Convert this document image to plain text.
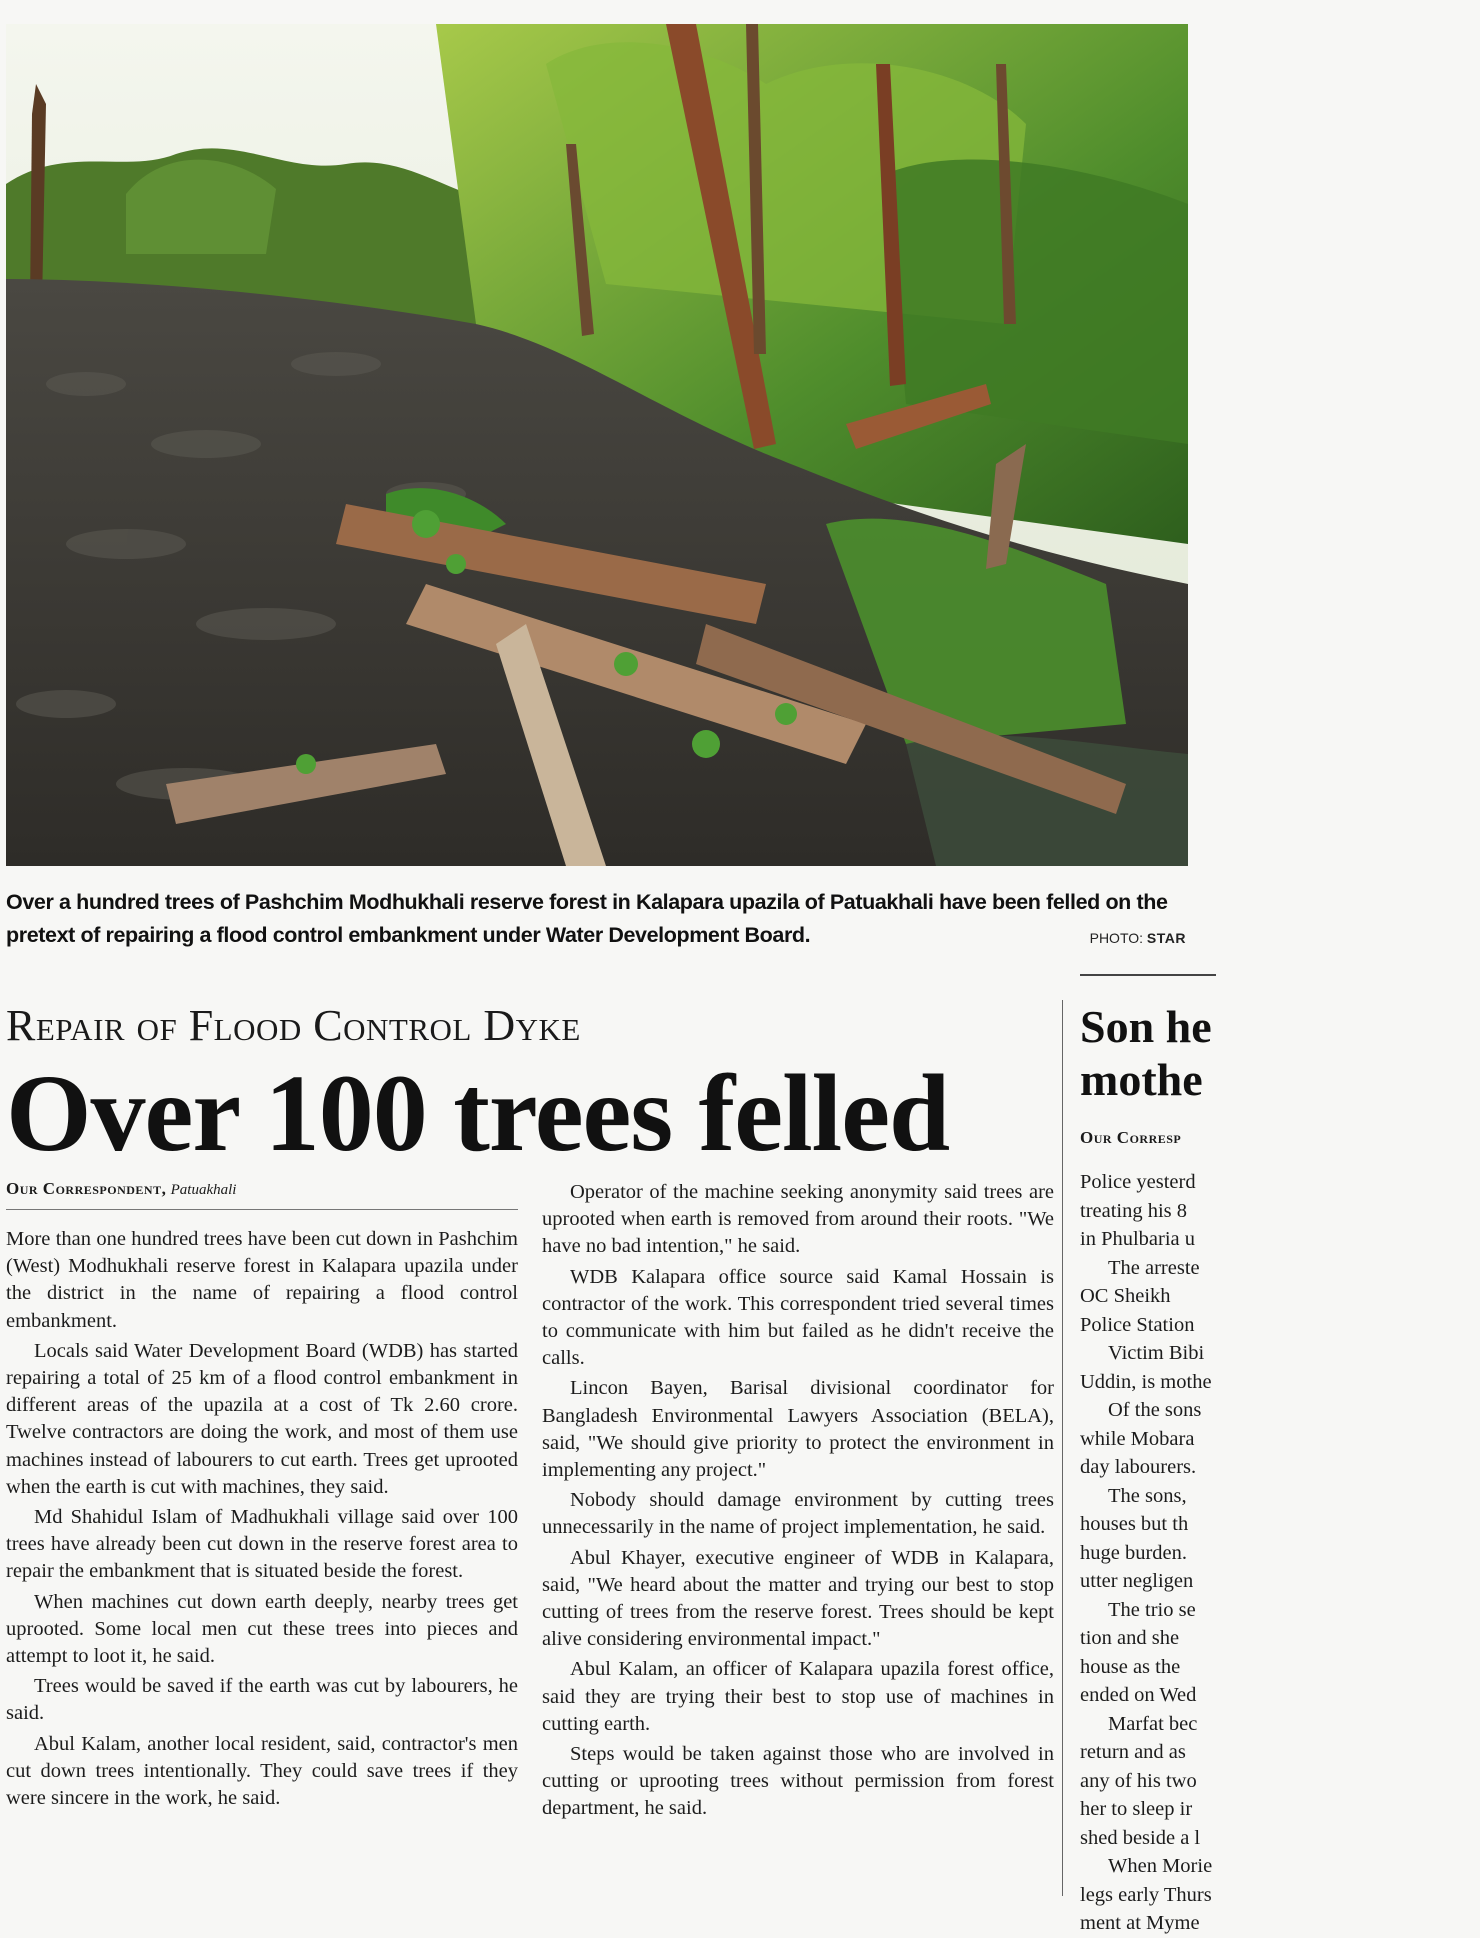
Over a hundred trees of Pashchim Modhukhali reserve forest in Kalapara upazila of Patuakhali have been felled on the pretext of repairing a flood control embankment under Water Development Board.	PHOTO: STAR
Repair of Flood Control Dyke
Over 100 trees felled
Our Correspondent, Patuakhali

More than one hundred trees have been cut down in Pashchim (West) Modhukhali reserve forest in Kalapara upazila under the district in the name of repairing a flood control embankment.

Locals said Water Development Board (WDB) has started repairing a total of 25 km of a flood control embankment in different areas of the upazila at a cost of Tk 2.60 crore. Twelve contractors are doing the work, and most of them use machines instead of labourers to cut earth. Trees get uprooted when the earth is cut with machines, they said.

Md Shahidul Islam of Madhukhali village said over 100 trees have already been cut down in the reserve forest area to repair the embankment that is situated beside the forest.

When machines cut down earth deeply, nearby trees get uprooted. Some local men cut these trees into pieces and attempt to loot it, he said.

Trees would be saved if the earth was cut by labourers, he said.

Abul Kalam, another local resident, said, contractor's men cut down trees intentionally. They could save trees if they were sincere in the work, he said.

Operator of the machine seeking anonymity said trees are uprooted when earth is removed from around their roots. "We have no bad intention," he said.

WDB Kalapara office source said Kamal Hossain is contractor of the work. This correspondent tried several times to communicate with him but failed as he didn't receive the calls.

Lincon Bayen, Barisal divisional coordinator for Bangladesh Environmental Lawyers Association (BELA), said, "We should give priority to protect the environment in implementing any project."

Nobody should damage environment by cutting trees unnecessarily in the name of project implementation, he said.

Abul Khayer, executive engineer of WDB in Kalapara, said, "We heard about the matter and trying our best to stop cutting of trees from the reserve forest. Trees should be kept alive considering environmental impact."

Abul Kalam, an officer of Kalapara upazila forest office, said they are trying their best to stop use of machines in cutting earth.

Steps would be taken against those who are involved in cutting or uprooting trees without permission from forest department, he said.

Son he
mothe
Our Corresp
Police yesterd
treating his 8
in Phulbaria u
The arreste
OC Sheikh
Police Station
Victim Bibi
Uddin, is mothe
Of the sons
while Mobara
day labourers.
The sons,
houses but th
huge burden.
utter negligen
The trio se
tion and she
house as the
ended on Wed
Marfat bec
return and as
any of his two
her to sleep ir
shed beside a l
When Morie
legs early Thurs
ment at Myme
